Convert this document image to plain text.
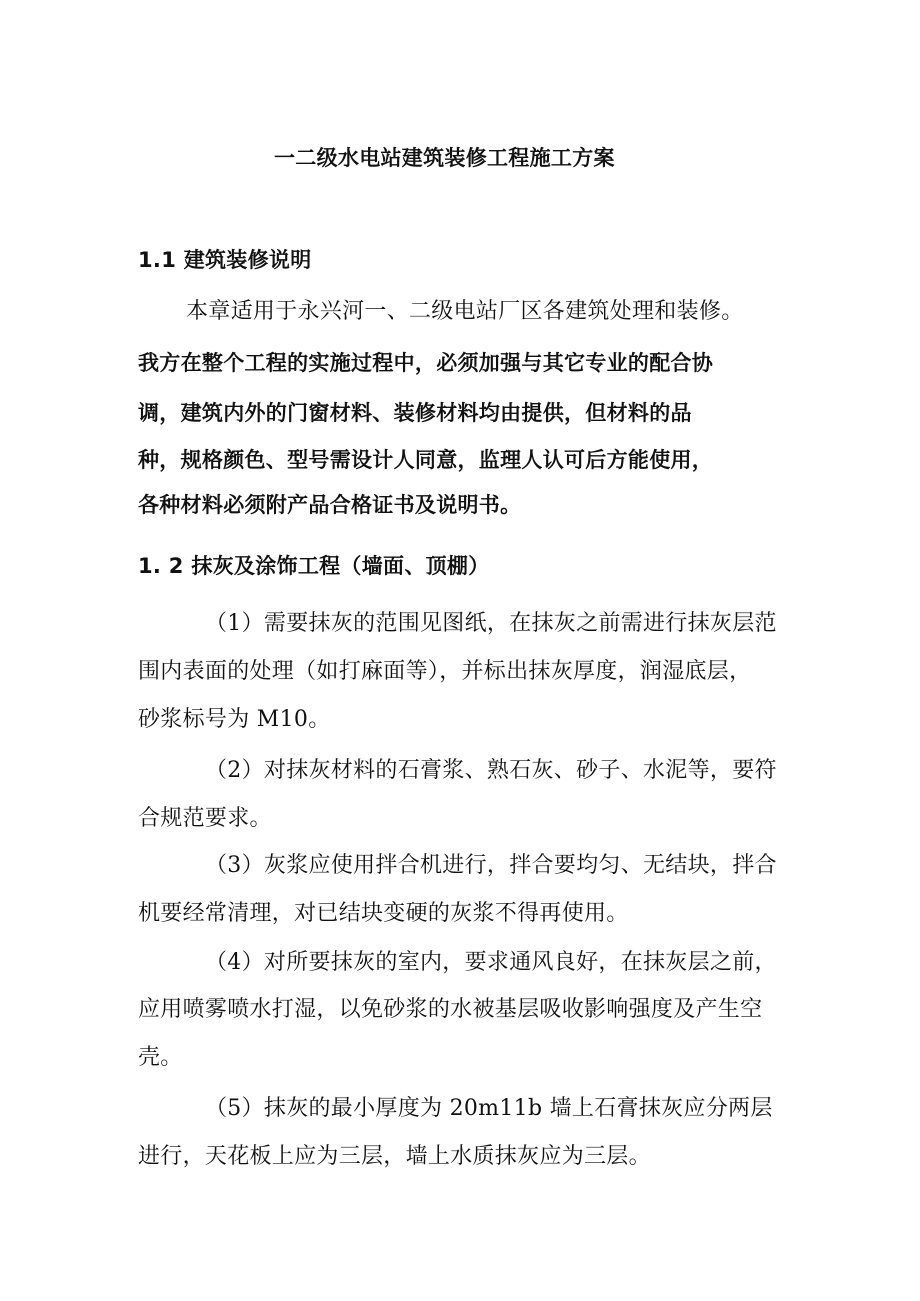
一二级水电站建筑装修工程施工方案
1.1 建筑装修说明
本章适用于永兴河一、二级电站厂区各建筑处理和装修。
我方在整个工程的实施过程中，必须加强与其它专业的配合协
调，建筑内外的门窗材料、装修材料均由提供，但材料的品
种，规格颜色、型号需设计人同意，监理人认可后方能使用，
各种材料必须附产品合格证书及说明书。
1. 2 抹灰及涂饰工程（墙面、顶棚）
（1）需要抹灰的范围见图纸，在抹灰之前需进行抹灰层范
围内表面的处理（如打麻面等），并标出抹灰厚度，润湿底层，
砂浆标号为 M10。
（2）对抹灰材料的石膏浆、熟石灰、砂子、水泥等，要符
合规范要求。
（3）灰浆应使用拌合机进行，拌合要均匀、无结块，拌合
机要经常清理，对已结块变硬的灰浆不得再使用。
（4）对所要抹灰的室内，要求通风良好，在抹灰层之前，
应用喷雾喷水打湿，以免砂浆的水被基层吸收影响强度及产生空
壳。
（5）抹灰的最小厚度为 20m11b 墙上石膏抹灰应分两层
进行，天花板上应为三层，墙上水质抹灰应为三层。
